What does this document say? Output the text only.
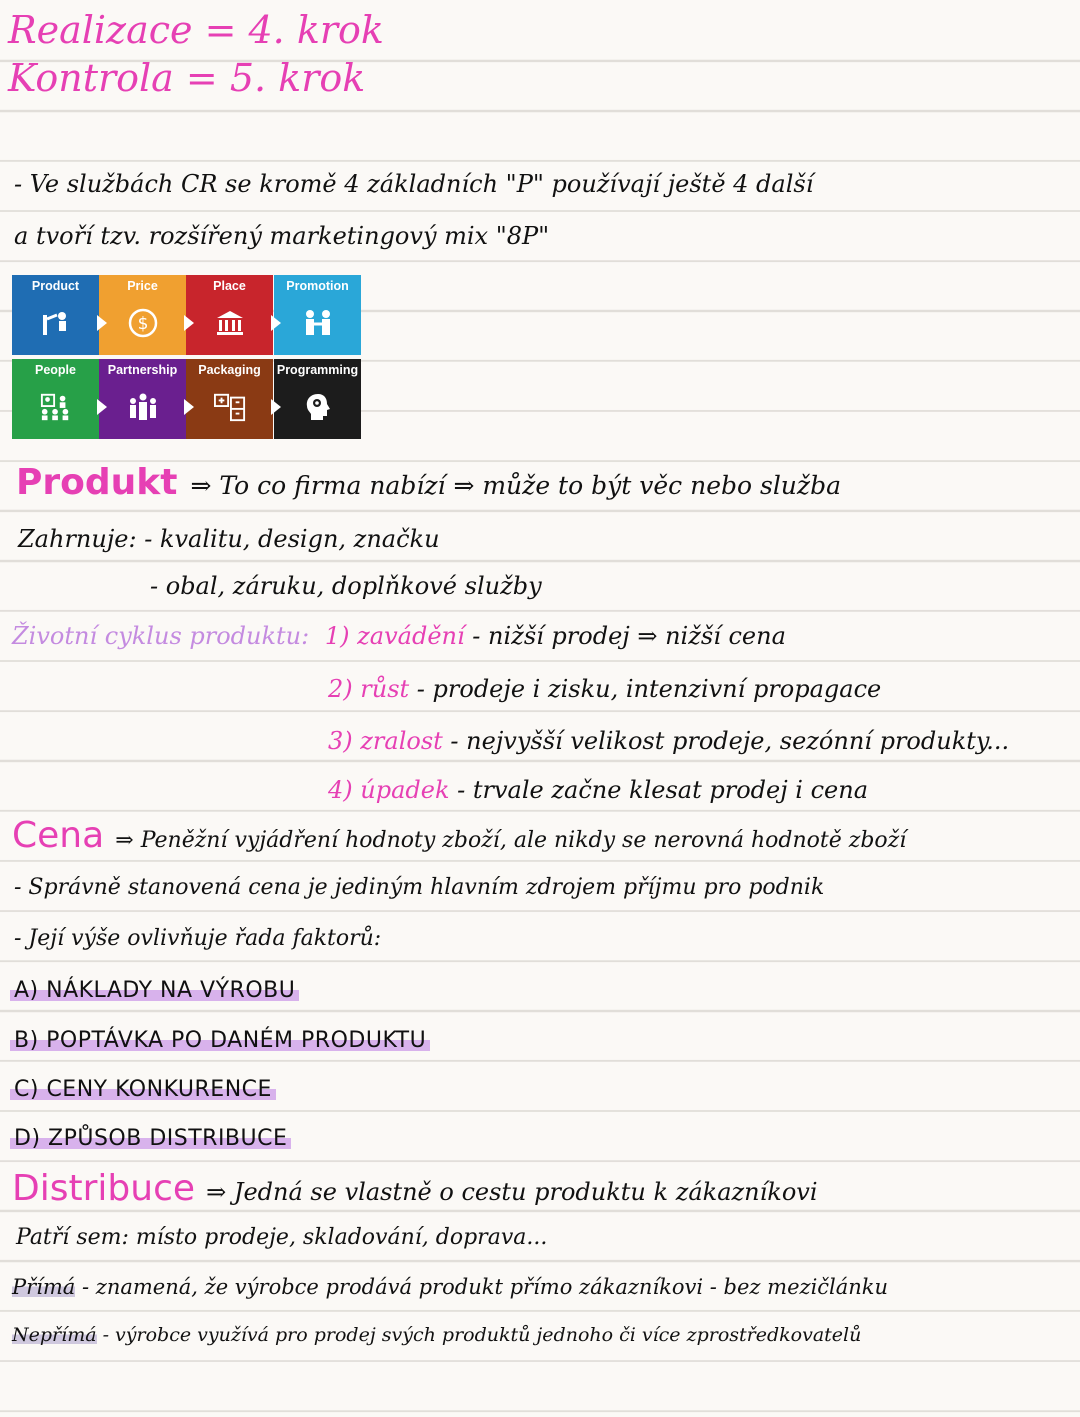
Realizace = 4. krok
Kontrola = 5. krok
- Ve službách CR se kromě 4 základních "P" používají ještě 4 další
a tvoří tzv. rozšířený marketingový mix "8P"
Product	Price
$
Place	Promotion
People	Partnership	Packaging	Programming
Produkt ⇒ To co firma nabízí ⇒ může to být věc nebo služba
Zahrnuje: - kvalitu, design, značku
- obal, záruku, doplňkové služby
Životní cyklus produktu: 1) zavádění - nižší prodej ⇒ nižší cena
2) růst - prodeje i zisku, intenzivní propagace
3) zralost - nejvyšší velikost prodeje, sezónní produkty...
4) úpadek - trvale začne klesat prodej i cena
Cena ⇒ Peněžní vyjádření hodnoty zboží, ale nikdy se nerovná hodnotě zboží
- Správně stanovená cena je jediným hlavním zdrojem příjmu pro podnik
- Její výše ovlivňuje řada faktorů:
A) NÁKLADY NA VÝROBU
B) POPTÁVKA PO DANÉM PRODUKTU
C) CENY KONKURENCE
D) ZPŮSOB DISTRIBUCE
Distribuce ⇒ Jedná se vlastně o cestu produktu k zákazníkovi
Patří sem: místo prodeje, skladování, doprava...
Přímá - znamená, že výrobce prodává produkt přímo zákazníkovi - bez mezičlánku
Nepřímá - výrobce využívá pro prodej svých produktů jednoho či více zprostředkovatelů
